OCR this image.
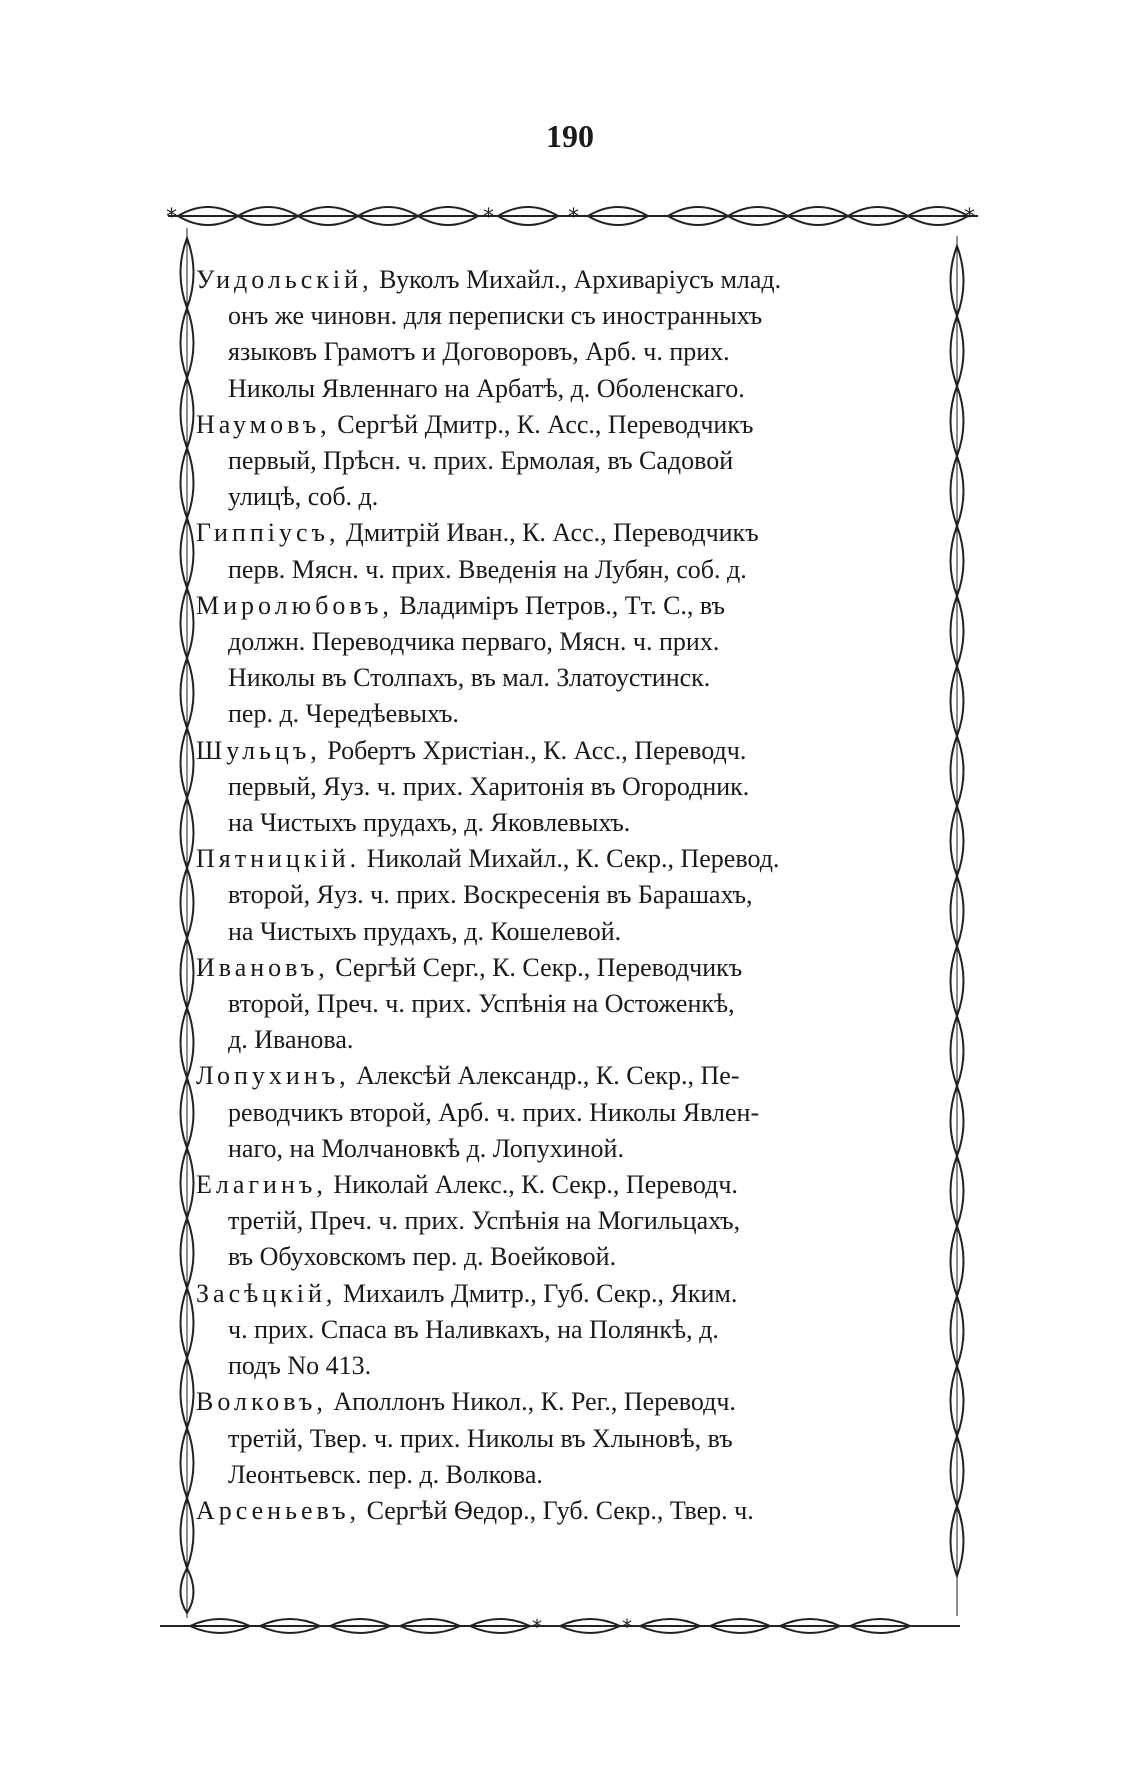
190
*	*
*	*
*	*
Уидольскій, Вуколъ Михайл., Архиваріусъ млад.
онъ же чиновн. для переписки съ иностранныхъ
языковъ Грамотъ и Договоровъ, Арб. ч. прих.
Николы Явленнаго на Арбатѣ, д. Оболенскаго.
Наумовъ, Сергѣй Дмитр., К. Асс., Переводчикъ
первый, Прѣсн. ч. прих. Ермолая, въ Садовой
улицѣ, соб. д.
Гиппіусъ, Дмитрій Иван., К. Асс., Переводчикъ
перв. Мясн. ч. прих. Введенія на Лубян, соб. д.
Миролюбовъ, Владиміръ Петров., Тт. С., въ
должн. Переводчика перваго, Мясн. ч. прих.
Николы въ Столпахъ, въ мал. Златоустинск.
пер. д. Чередѣевыхъ.
Шульцъ, Робертъ Христіан., К. Асс., Переводч.
первый, Яуз. ч. прих. Харитонія въ Огородник.
на Чистыхъ прудахъ, д. Яковлевыхъ.
Пятницкій. Николай Михайл., К. Секр., Перевод.
второй, Яуз. ч. прих. Воскресенія въ Барашахъ,
на Чистыхъ прудахъ, д. Кошелевой.
Ивановъ, Сергѣй Серг., К. Секр., Переводчикъ
второй, Преч. ч. прих. Успѣнія на Остоженкѣ,
д. Иванова.
Лопухинъ, Алексѣй Александр., К. Секр., Пе-
реводчикъ второй, Арб. ч. прих. Николы Явлен-
наго, на Молчановкѣ д. Лопухиной.
Елагинъ, Николай Алекс., К. Секр., Переводч.
третій, Преч. ч. прих. Успѣнія на Могильцахъ,
въ Обуховскомъ пер. д. Воейковой.
Засѣцкій, Михаилъ Дмитр., Губ. Секр., Яким.
ч. прих. Спаса въ Наливкахъ, на Полянкѣ, д.
подъ No 413.
Волковъ, Аполлонъ Никол., К. Рег., Переводч.
третій, Твер. ч. прих. Николы въ Хлыновѣ, въ
Леонтьевск. пер. д. Волкова.
Арсеньевъ, Сергѣй Ѳедор., Губ. Секр., Твер. ч.
